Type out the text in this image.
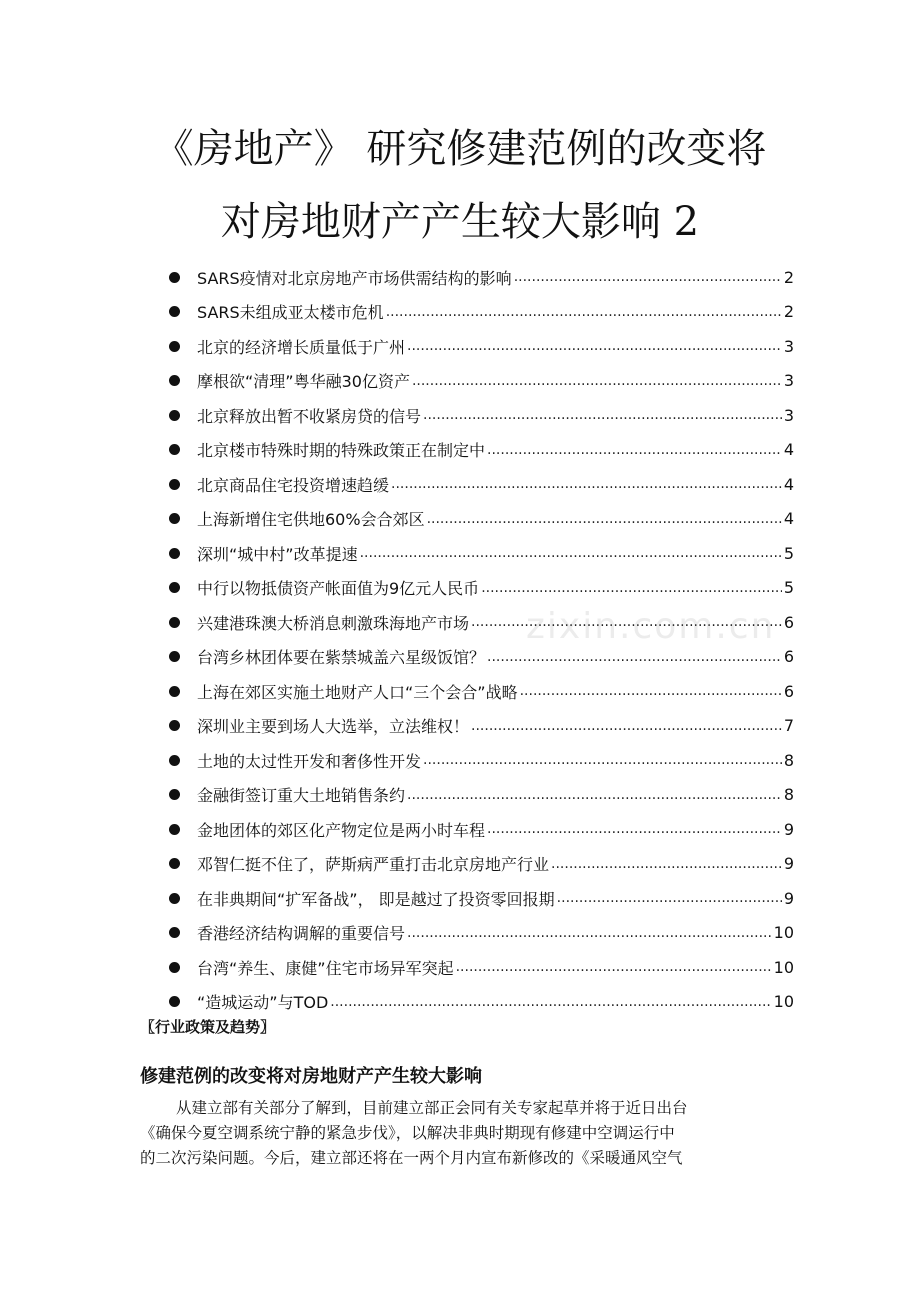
《房地产》 研究修建范例的改变将
对房地财产产生较大影响 2
SARS疫情对北京房地产市场供需结构的影响 .....	2
SARS未组成亚太楼市危机 .....	2
北京的经济增长质量低于广州 .....	3
摩根欲“清理”粤华融30亿资产 .....	3
北京释放出暂不收紧房贷的信号 .....	3
北京楼市特殊时期的特殊政策正在制定中 .....	4
北京商品住宅投资增速趋缓 .....	4
上海新增住宅供地60%会合郊区 .....	4
深圳“城中村”改革提速 .....	5
中行以物抵债资产帐面值为9亿元人民币 .....	5
兴建港珠澳大桥消息刺激珠海地产市场 .....	6
台湾乡林团体要在紫禁城盖六星级饭馆？ .....	6
上海在郊区实施土地财产人口“三个会合”战略 .....	6
深圳业主要到场人大选举，立法维权！ .....	7
土地的太过性开发和奢侈性开发 .....	8
金融街签订重大土地销售条约 .....	8
金地团体的郊区化产物定位是两小时车程 .....	9
邓智仁挺不住了，萨斯病严重打击北京房地产行业 .....	9
在非典期间“扩军备战”， 即是越过了投资零回报期 .....	9
香港经济结构调解的重要信号 .....	10
台湾“养生、康健”住宅市场异军突起 .....	10
“造城运动”与TOD .....	10
zixin.com.cn
〖行业政策及趋势〗
修建范例的改变将对房地财产产生较大影响
从建立部有关部分了解到，目前建立部正会同有关专家起草并将于近日出台
《确保今夏空调系统宁静的紧急步伐》，以解决非典时期现有修建中空调运行中
的二次污染问题。今后，建立部还将在一两个月内宣布新修改的《采暖通风空气
